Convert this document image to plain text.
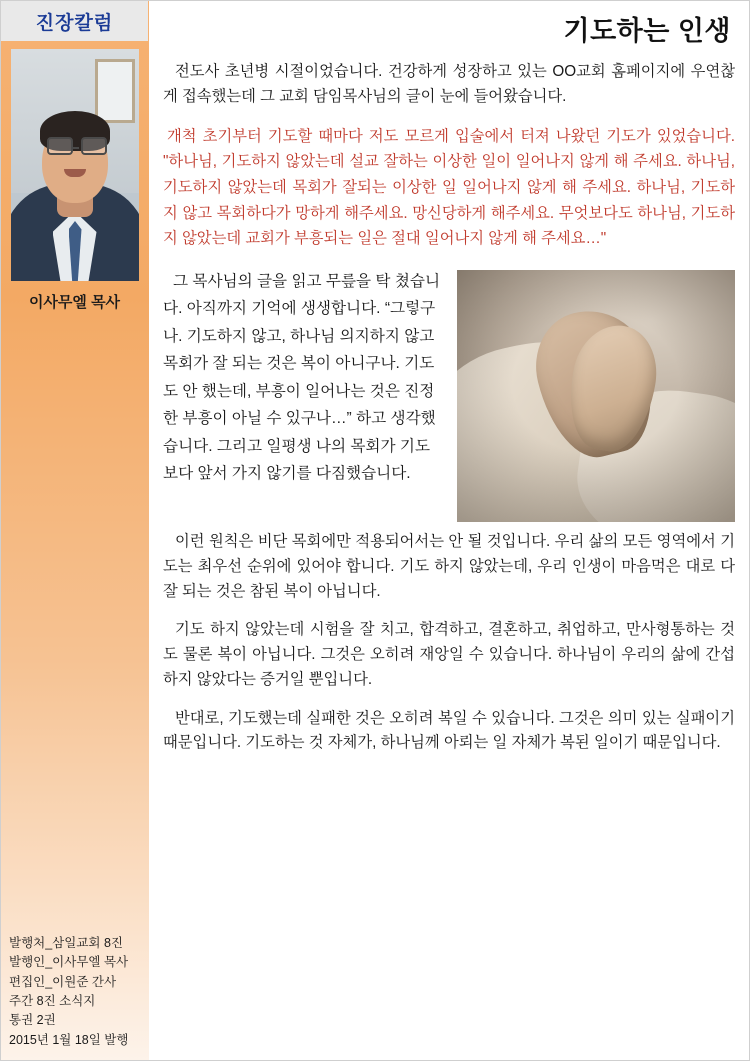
진장칼럼
이사무엘 목사
발행처_삼일교회 8진
발행인_이사무엘 목사
편집인_이원준 간사
주간 8진 소식지
통권 2권
2015년 1월 18일 발행
기도하는 인생

전도사 초년병 시절이었습니다. 건강하게 성장하고 있는 OO교회 홈페이지에 우연찮게 접속했는데 그 교회 담임목사님의 글이 눈에 들어왔습니다.

개척 초기부터 기도할 때마다 저도 모르게 입술에서 터져 나왔던 기도가 있었습니다. "하나님, 기도하지 않았는데 설교 잘하는 이상한 일이 일어나지 않게 해 주세요. 하나님, 기도하지 않았는데 목회가 잘되는 이상한 일 일어나지 않게 해 주세요. 하나님, 기도하지 않고 목회하다가 망하게 해주세요. 망신당하게 해주세요. 무엇보다도 하나님, 기도하지 않았는데 교회가 부흥되는 일은 절대 일어나지 않게 해 주세요…"

그 목사님의 글을 읽고 무릎을 탁 쳤습니다. 아직까지 기억에 생생합니다. “그렇구나. 기도하지 않고, 하나님 의지하지 않고 목회가 잘 되는 것은 복이 아니구나. 기도도 안 했는데, 부흥이 일어나는 것은 진정한 부흥이 아닐 수 있구나…” 하고 생각했습니다. 그리고 일평생 나의 목회가 기도보다 앞서 가지 않기를 다짐했습니다.

이런 원칙은 비단 목회에만 적용되어서는 안 될 것입니다. 우리 삶의 모든 영역에서 기도는 최우선 순위에 있어야 합니다. 기도 하지 않았는데, 우리 인생이 마음먹은 대로 다 잘 되는 것은 참된 복이 아닙니다.

기도 하지 않았는데 시험을 잘 치고, 합격하고, 결혼하고, 취업하고, 만사형통하는 것도 물론 복이 아닙니다. 그것은 오히려 재앙일 수 있습니다. 하나님이 우리의 삶에 간섭하지 않았다는 증거일 뿐입니다.

반대로, 기도했는데 실패한 것은 오히려 복일 수 있습니다. 그것은 의미 있는 실패이기 때문입니다. 기도하는 것 자체가, 하나님께 아뢰는 일 자체가 복된 일이기 때문입니다.
